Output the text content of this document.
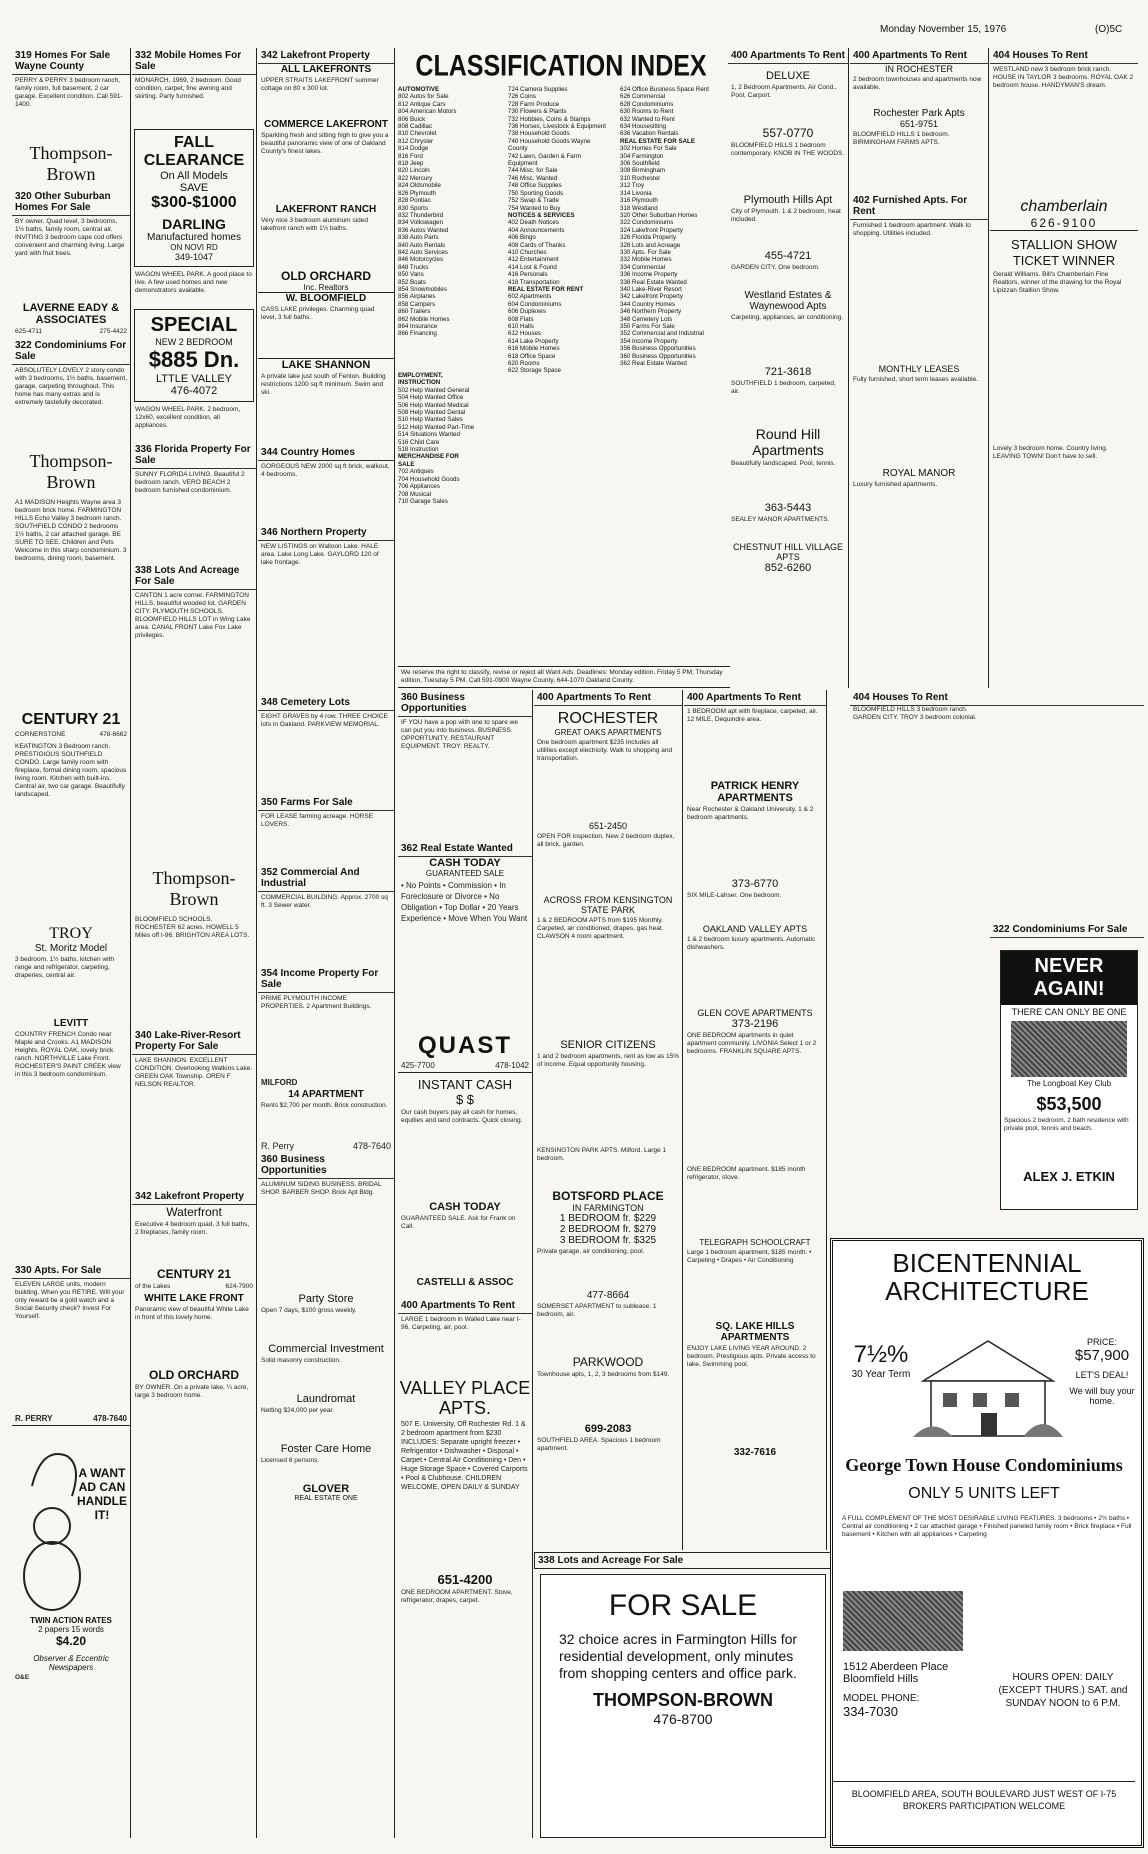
Monday November 15, 1976	(O)5C
319 Homes For Sale Wayne County
PERRY & PERRY 3 bedroom ranch, family room, full basement, 2 car garage. Excellent condition. Call 591-1400.
Thompson-Brown
320 Other Suburban Homes For Sale
BY owner. Quad level, 3 bedrooms, 1½ baths, family room, central air. INVITING 3 bedroom cape cod offers convenient and charming living. Large yard with fruit trees.
LAVERNE EADY & ASSOCIATES
625-4711	275-4422
322 Condominiums For Sale
ABSOLUTELY LOVELY 2 story condo with 3 bedrooms, 1½ baths, basement, garage, carpeting throughout. This home has many extras and is extremely tastefully decorated.
Thompson-Brown
A1 MADISON Heights Wayne area 3 bedroom brick home. FARMINGTON HILLS Echo Valley 3 bedroom ranch. SOUTHFIELD CONDO 2 bedrooms 1½ baths, 2 car attached garage. BE SURE TO SEE. Children and Pets Welcome in this sharp condominium. 3 bedrooms, dining room, basement.
CENTURY 21
CORNERSTONE	478-6662
KEATINGTON 3 Bedroom ranch. PRESTIGIOUS SOUTHFIELD CONDO. Large family room with fireplace, formal dining room, spacious living room. Kitchen with built-ins. Central air, two car garage. Beautifully landscaped.
TROY
St. Moritz Model
3 bedroom, 1½ baths, kitchen with range and refrigerator, carpeting, draperies, central air.
LEVITT
COUNTRY FRENCH Condo near Maple and Crooks. A1 MADISON Heights. ROYAL OAK, lovely brick ranch. NORTHVILLE Lake Front. ROCHESTER'S PAINT CREEK view in this 3 bedroom condominium.
330 Apts. For Sale
ELEVEN LARGE units, modern building. When you RETIRE. Will your only reward be a gold watch and a Social Security check? Invest For Yourself.
R. PERRY	478-7640
A WANT AD CAN HANDLE IT!
TWIN ACTION RATES
2 papers 15 words
$4.20
Observer & Eccentric Newspapers
O&E
332 Mobile Homes For Sale
MONARCH, 1969, 2 bedroom. Good condition, carpet, fine awning and skirting. Party furnished.
FALL CLEARANCE
On All Models
SAVE
$300-$1000
DARLING
Manufactured homes
ON NOVI RD
349-1047
WAGON WHEEL PARK. A good place to live. A few used homes and new demonstrators available.
SPECIAL
NEW 2 BEDROOM
$885 Dn.
LTTLE VALLEY
476-4072
WAGON WHEEL PARK. 2 bedroom, 12x60, excellent condition, all appliances.
336 Florida Property For Sale
SUNNY FLORIDA LIVING. Beautiful 2 bedroom ranch. VERO BEACH 2 bedroom furnished condominium.
338 Lots And Acreage For Sale
CANTON 1 acre corner. FARMINGTON HILLS, beautiful wooded lot. GARDEN CITY. PLYMOUTH SCHOOLS. BLOOMFIELD HILLS LOT in Wing Lake area. CANAL FRONT Lake Fox Lake privileges.
Thompson-Brown
BLOOMFIELD SCHOOLS. ROCHESTER 62 acres. HOWELL 5 Miles off I-96. BRIGHTON AREA LOTS.
340 Lake-River-Resort Property For Sale
LAKE SHANNON. EXCELLENT CONDITION. Overlooking Watkins Lake. GREEN OAK Township. OREN F NELSON REALTOR.
342 Lakefront Property
Waterfront
Executive 4 bedroom quad, 3 full baths, 2 fireplaces, family room.
CENTURY 21
of the Lakes	624-7900
WHITE LAKE FRONT
Panoramic view of beautiful White Lake in front of this lovely home.
OLD ORCHARD
BY OWNER. On a private lake, ¼ acre, large 3 bedroom home.
342 Lakefront Property
ALL LAKEFRONTS
UPPER STRAITS LAKEFRONT summer cottage on 80 x 300 lot.
COMMERCE LAKEFRONT
Sparkling fresh and sitting high to give you a beautiful panoramic view of one of Oakland County's finest lakes.
LAKEFRONT RANCH
Very nice 3 bedroom aluminum sided lakefront ranch with 1½ baths.
OLD ORCHARD
Inc. Realtors
W. BLOOMFIELD
CASS LAKE privileges. Charming quad level, 3 full baths.
LAKE SHANNON
A private lake just south of Fenton. Building restrictions 1200 sq ft minimum. Swim and ski.
344 Country Homes
GORGEOUS NEW 2000 sq ft brick, walkout, 4 bedrooms.
346 Northern Property
NEW LISTINGS on Walloon Lake. HALE area. Lake Long Lake. GAYLORD 120 of lake frontage.
348 Cemetery Lots
EIGHT GRAVES by 4 row. THREE CHOICE lots in Oakland. PARKVIEW MEMORIAL.
350 Farms For Sale
FOR LEASE farming acreage. HORSE LOVERS.
352 Commercial And Industrial
COMMERCIAL BUILDING. Approx. 2700 sq ft. 3 Sewer water.
354 Income Property For Sale
PRIME PLYMOUTH INCOME PROPERTIES. 2 Apartment Buildings.
MILFORD
14 APARTMENT
Rents $2,700 per month. Brick construction.
R. Perry	478-7640
360 Business Opportunities
ALUMINUM SIDING BUSINESS. BRIDAL SHOP. BARBER SHOP. Brick Apt Bldg.
Party Store
Open 7 days, $100 gross weekly.
Commercial Investment
Solid masonry construction.
Laundromat
Netting $24,000 per year.
Foster Care Home
Licensed 8 persons.
GLOVER
REAL ESTATE ONE
CLASSIFICATION INDEX
AUTOMOTIVE
802 Autos for Sale
812 Antique Cars
804 American Motors
806 Buick
808 Cadillac
810 Chevrolet
812 Chrysler
814 Dodge
816 Ford
818 Jeep
820 Lincoln
822 Mercury
824 Oldsmobile
826 Plymouth
828 Pontiac
830 Sports
832 Thunderbird
834 Volkswagen
836 Autos Wanted
838 Auto Parts
840 Auto Rentals
842 Auto Services
846 Motorcycles
848 Trucks
850 Vans
852 Boats
854 Snowmobiles
856 Airplanes
858 Campers
860 Trailers
862 Mobile Homes
864 Insurance
866 Financing
EMPLOYMENT, INSTRUCTION
502 Help Wanted General
504 Help Wanted Office
506 Help Wanted Medical
508 Help Wanted Dental
510 Help Wanted Sales
512 Help Wanted Part-Time
514 Situations Wanted
516 Child Care
518 Instruction
MERCHANDISE FOR SALE
702 Antiques
704 Household Goods
706 Appliances
708 Musical
710 Garage Sales
724 Camera Supplies
726 Coins
728 Farm Produce
730 Flowers & Plants
732 Hobbies, Coins & Stamps
736 Horses, Livestock & Equipment
738 Household Goods
740 Household Goods Wayne County
742 Lawn, Garden & Farm Equipment
744 Misc. for Sale
746 Misc. Wanted
748 Office Supplies
750 Sporting Goods
752 Swap & Trade
754 Wanted to Buy
NOTICES & SERVICES
402 Death Notices
404 Announcements
406 Bingo
408 Cards of Thanks
410 Churches
412 Entertainment
414 Lost & Found
416 Personals
418 Transportation
REAL ESTATE FOR RENT
602 Apartments
604 Condominiums
606 Duplexes
608 Flats
610 Halls
612 Houses
614 Lake Property
616 Mobile Homes
618 Office Space
620 Rooms
622 Storage Space
624 Office Business Space Rent
626 Commercial
628 Condominiums
630 Rooms to Rent
632 Wanted to Rent
634 Housesitting
636 Vacation Rentals
REAL ESTATE FOR SALE
302 Homes For Sale
304 Farmington
306 Southfield
308 Birmingham
310 Rochester
312 Troy
314 Livonia
316 Plymouth
318 Westland
320 Other Suburban Homes
322 Condominiums
324 Lakefront Property
326 Florida Property
328 Lots and Acreage
330 Apts. For Sale
332 Mobile Homes
334 Commercial
336 Income Property
338 Real Estate Wanted
340 Lake-River Resort
342 Lakefront Property
344 Country Homes
346 Northern Property
348 Cemetery Lots
350 Farms For Sale
352 Commercial and Industrial
354 Income Property
356 Business Opportunities
360 Business Opportunities
362 Real Estate Wanted
We reserve the right to classify, revise or reject all Want Ads. Deadlines: Monday edition, Friday 5 PM; Thursday edition, Tuesday 5 PM. Call 591-0900 Wayne County, 644-1070 Oakland County.
360 Business Opportunities
IF YOU have a pop with one to spare we can put you into business. BUSINESS OPPORTUNITY. RESTAURANT EQUIPMENT. TROY: REALTY.
362 Real Estate Wanted
CASH TODAY
GUARANTEED SALE
• No Points • Commission • In Foreclosure or Divorce • No Obligation • Top Dollar • 20 Years Experience • Move When You Want
QUAST
425-7700	478-1042
INSTANT CASH
$ $
Our cash buyers pay all cash for homes, equities and land contracts. Quick closing.
CASH TODAY
GUARANTEED SALE. Ask for Frank on Call.
CASTELLI & ASSOC
400 Apartments To Rent
LARGE 1 bedroom in Walled Lake near I-96. Carpeting, air, pool.
VALLEY PLACE APTS.
507 E. University, Off Rochester Rd. 1 & 2 bedroom apartment from $230 INCLUDES: Separate upright freezer • Refrigerator • Dishwasher • Disposal • Carpet • Central Air Conditioning • Den • Huge Storage Space • Covered Carports • Pool & Clubhouse. CHILDREN WELCOME, OPEN DAILY & SUNDAY
651-4200
ONE BEDROOM APARTMENT. Stove, refrigerator, drapes, carpet.
400 Apartments To Rent
ROCHESTER
GREAT OAKS APARTMENTS
One bedroom apartment $235 Includes all utilities except electricity. Walk to shopping and transportation.
651-2450
OPEN FOR inspection. New 2 bedroom duplex, all brick, garden.
ACROSS FROM KENSINGTON STATE PARK
1 & 2 BEDROOM APTS from $195 Monthly. Carpeted, air conditioned, drapes, gas heat. CLAWSON 4 room apartment.
SENIOR CITIZENS
1 and 2 bedroom apartments, rent as low as 15% of income. Equal opportunity housing.
KENSINGTON PARK APTS. Milford. Large 1 bedroom.
BOTSFORD PLACE
IN FARMINGTON
1 BEDROOM fr. $229
2 BEDROOM fr. $279
3 BEDROOM fr. $325
Private garage, air conditioning, pool.
477-8664
SOMERSET APARTMENT to sublease. 1 bedroom, air.
PARKWOOD
Townhouse apts, 1, 2, 3 bedrooms from $149.
699-2083
SOUTHFIELD AREA. Spacious 1 bedroom apartment.
400 Apartments To Rent
1 BEDROOM apt with fireplace, carpeted, air. 12 MILE, Dequindre area.
PATRICK HENRY APARTMENTS
Near Rochester & Oakland University. 1 & 2 bedroom apartments.
373-6770
SIX MILE-Lahser. One bedroom.
OAKLAND VALLEY APTS
1 & 2 bedroom luxury apartments. Automatic dishwashers.
GLEN COVE APARTMENTS
373-2196
ONE BEDROOM apartments in quiet apartment community. LIVONIA Select 1 or 2 bedrooms. FRANKLIN SQUARE APTS.
ONE BEDROOM apartment. $185 month refrigerator, stove.
TELEGRAPH SCHOOLCRAFT
Large 1 bedroom apartment, $185 month. • Carpeting • Drapes • Air Conditioning
SQ. LAKE HILLS APARTMENTS
ENJOY LAKE LIVING YEAR AROUND. 2 bedroom, Prestigious apts. Private access to lake. Swimming pool.
332-7616
338 Lots and Acreage For Sale
FOR SALE
32 choice acres in Farmington Hills for residential development, only minutes from shopping centers and office park.
THOMPSON-BROWN
476-8700
400 Apartments To Rent
DELUXE
1, 2 Bedroom Apartments. Air Cond., Pool, Carport.
557-0770
BLOOMFIELD HILLS 1 bedroom contemporary. KNOB IN THE WOODS.
Plymouth Hills Apt
City of Plymouth. 1 & 2 bedroom, heat included.
455-4721
GARDEN CITY. One bedroom.
Westland Estates & Waynewood Apts
Carpeting, appliances, air conditioning.
721-3618
SOUTHFIELD 1 bedroom, carpeted, air.
Round Hill Apartments
Beautifully landscaped. Pool, tennis.
363-5443
SEALEY MANOR APARTMENTS.
CHESTNUT HILL VILLAGE APTS
852-6260
400 Apartments To Rent
IN ROCHESTER
2 bedroom townhouses and apartments now available.
Rochester Park Apts
651-9751
BLOOMFIELD HILLS 1 bedroom. BIRMINGHAM FARMS APTS.
402 Furnished Apts. For Rent
Furnished 1 bedroom apartment. Walk to shopping. Utilities included.
MONTHLY LEASES
Fully furnished, short term leases available.
ROYAL MANOR
Luxury furnished apartments.
404 Houses To Rent
WESTLAND new 3 bedroom brick ranch. HOUSE IN TAYLOR 3 bedrooms. ROYAL OAK 2 bedroom house. HANDYMAN'S dream.
chamberlain
626-9100
STALLION SHOW TICKET WINNER
Gerald Williams. Bill's Chamberlain Fine Realtors, winner of the drawing for the Royal Lipizzan Stallion Show.
Lovely 3 bedroom home. Country living. LEAVING TOWN! Don't have to sell.
404 Houses To Rent
BLOOMFIELD HILLS 3 bedroom ranch. GARDEN CITY. TROY 3 bedroom colonial.
322 Condominiums For Sale
NEVER AGAIN!
THERE CAN ONLY BE ONE
The Longboat Key Club
$53,500
Spacious 2 bedroom, 2 bath residence with private pool, tennis and beach.
ALEX J. ETKIN
BICENTENNIAL ARCHITECTURE
7½%
30 Year Term
PRICE:
$57,900
LET'S DEAL!
We will buy your home.
George Town House Condominiums
ONLY 5 UNITS LEFT
A FULL COMPLEMENT OF THE MOST DESIRABLE LIVING FEATURES. 3 bedrooms • 2½ baths • Central air conditioning • 2 car attached garage • Finished paneled family room • Brick fireplace • Full basement • Kitchen with all appliances • Carpeting
1512 Aberdeen Place
Bloomfield Hills
MODEL PHONE:
334-7030
HOURS OPEN: DAILY (EXCEPT THURS.) SAT. and SUNDAY NOON to 6 P.M.
BLOOMFIELD AREA, SOUTH BOULEVARD JUST WEST OF I-75 BROKERS PARTICIPATION WELCOME
